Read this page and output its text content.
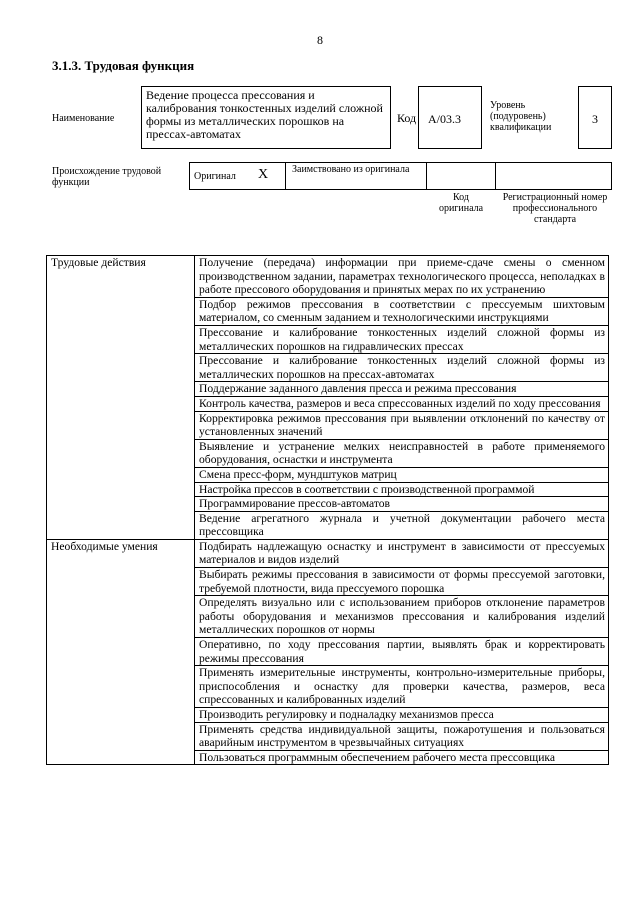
8
3.1.3. Трудовая функция
Наименование
Ведение процесса прессования и калибрования тонкостенных изделий сложной формы из металлических порошков на прессах-автоматах
Код A/03.3
Уровень (подуровень) квалификации
3
Происхождение трудовой функции
Оригинал X Заимствовано из оригинала
Код оригинала
Регистрационный номер профессионального стандарта
Трудовые действия	Получение (передача) информации при приеме-сдаче смены о сменном производственном задании, параметрах технологического процесса, неполадках в работе прессового оборудования и принятых мерах по их устранению
	Подбор режимов прессования в соответствии с прессуемым шихтовым материалом, со сменным заданием и технологическими инструкциями
	Прессование и калибрование тонкостенных изделий сложной формы из металлических порошков на гидравлических прессах
	Прессование и калибрование тонкостенных изделий сложной формы из металлических порошков на прессах-автоматах
	Поддержание заданного давления пресса и режима прессования
	Контроль качества, размеров и веса спрессованных изделий по ходу прессования
	Корректировка режимов прессования при выявлении отклонений по качеству от установленных значений
	Выявление и устранение мелких неисправностей в работе применяемого оборудования, оснастки и инструмента
	Смена пресс-форм, мундштуков матриц
	Настройка прессов в соответствии с производственной программой
	Программирование прессов-автоматов
	Ведение агрегатного журнала и учетной документации рабочего места прессовщика
Необходимые умения	Подбирать надлежащую оснастку и инструмент в зависимости от прессуемых материалов и видов изделий
	Выбирать режимы прессования в зависимости от формы прессуемой заготовки, требуемой плотности, вида прессуемого порошка
	Определять визуально или с использованием приборов отклонение параметров работы оборудования и механизмов прессования и калибрования изделий металлических порошков от нормы
	Оперативно, по ходу прессования партии, выявлять брак и корректировать режимы прессования
	Применять измерительные инструменты, контрольно-измерительные приборы, приспособления и оснастку для проверки качества, размеров, веса спрессованных и калиброванных изделий
	Производить регулировку и подналадку механизмов пресса
	Применять средства индивидуальной защиты, пожаротушения и пользоваться аварийным инструментом в чрезвычайных ситуациях
	Пользоваться программным обеспечением рабочего места прессовщика
